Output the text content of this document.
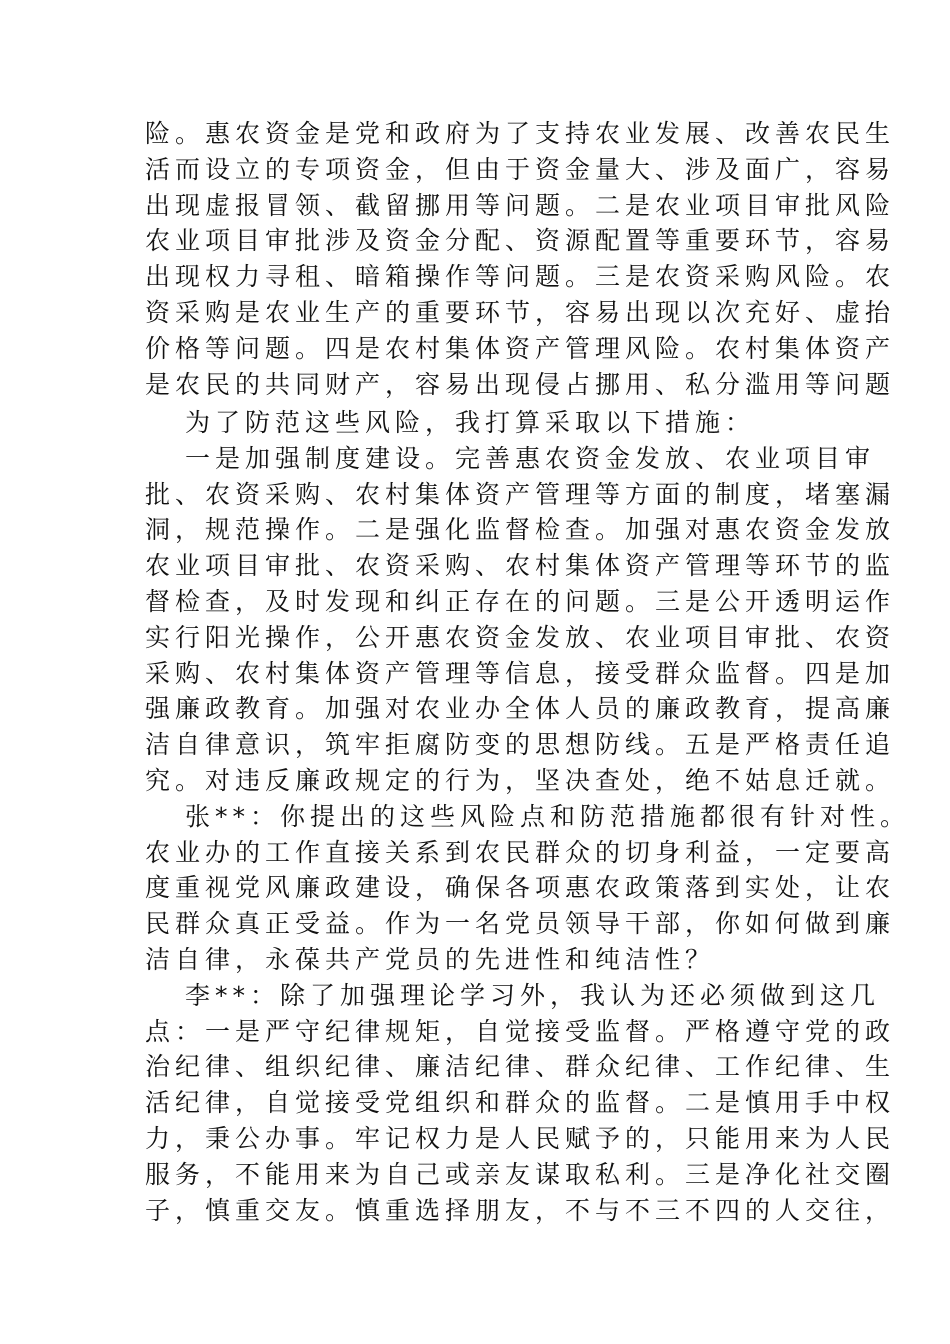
险。惠农资金是党和政府为了支持农业发展、改善农民生
活而设立的专项资金，但由于资金量大、涉及面广，容易
出现虚报冒领、截留挪用等问题。二是农业项目审批风险
农业项目审批涉及资金分配、资源配置等重要环节，容易
出现权力寻租、暗箱操作等问题。三是农资采购风险。农
资采购是农业生产的重要环节，容易出现以次充好、虚抬
价格等问题。四是农村集体资产管理风险。农村集体资产
是农民的共同财产，容易出现侵占挪用、私分滥用等问题
为了防范这些风险，我打算采取以下措施：
一是加强制度建设。完善惠农资金发放、农业项目审
批、农资采购、农村集体资产管理等方面的制度，堵塞漏
洞，规范操作。二是强化监督检查。加强对惠农资金发放
农业项目审批、农资采购、农村集体资产管理等环节的监
督检查，及时发现和纠正存在的问题。三是公开透明运作
实行阳光操作，公开惠农资金发放、农业项目审批、农资
采购、农村集体资产管理等信息，接受群众监督。四是加
强廉政教育。加强对农业办全体人员的廉政教育，提高廉
洁自律意识，筑牢拒腐防变的思想防线。五是严格责任追
究。对违反廉政规定的行为，坚决查处，绝不姑息迁就。
张**：你提出的这些风险点和防范措施都很有针对性。
农业办的工作直接关系到农民群众的切身利益，一定要高
度重视党风廉政建设，确保各项惠农政策落到实处，让农
民群众真正受益。作为一名党员领导干部，你如何做到廉
洁自律，永葆共产党员的先进性和纯洁性？
李**：除了加强理论学习外，我认为还必须做到这几
点：一是严守纪律规矩，自觉接受监督。严格遵守党的政
治纪律、组织纪律、廉洁纪律、群众纪律、工作纪律、生
活纪律，自觉接受党组织和群众的监督。二是慎用手中权
力，秉公办事。牢记权力是人民赋予的，只能用来为人民
服务，不能用来为自己或亲友谋取私利。三是净化社交圈
子，慎重交友。慎重选择朋友，不与不三不四的人交往，
